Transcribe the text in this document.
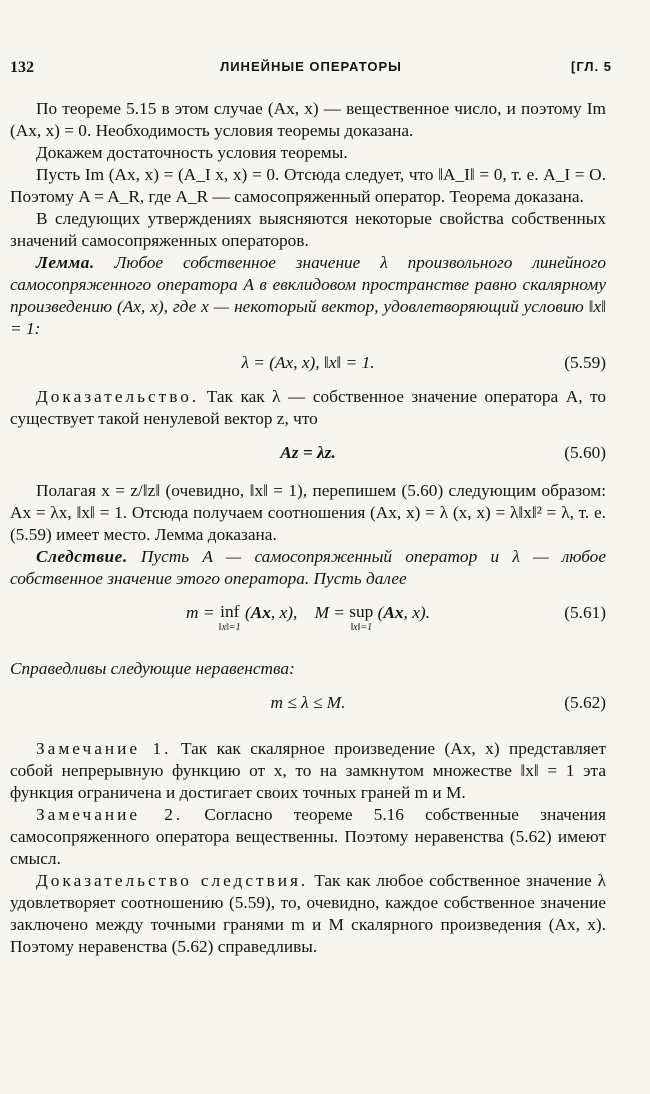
132	ЛИНЕЙНЫЕ ОПЕРАТОРЫ	[ГЛ. 5

По теореме 5.15 в этом случае (Ax, x) — вещественное число, и поэтому Im (Ax, x) = 0. Необходимость условия теоремы доказана.

Докажем достаточность условия теоремы.

Пусть Im (Ax, x) = (A_I x, x) = 0. Отсюда следует, что ‖A_I‖ = 0, т. е. A_I = O. Поэтому A = A_R, где A_R — самосопряженный оператор. Теорема доказана.

В следующих утверждениях выясняются некоторые свойства собственных значений самосопряженных операторов.

Лемма. Любое собственное значение λ произвольного линейного самосопряженного оператора A в евклидовом пространстве равно скалярному произведению (Ax, x), где x — некоторый вектор, удовлетворяющий условию ‖x‖ = 1:

λ = (Ax, x), ‖x‖ = 1.	(5.59)

Доказательство. Так как λ — собственное значение оператора A, то существует такой ненулевой вектор z, что

Az = λz.	(5.60)

Полагая x = z/‖z‖ (очевидно, ‖x‖ = 1), перепишем (5.60) следующим образом: Ax = λx, ‖x‖ = 1. Отсюда получаем соотношения (Ax, x) = λ (x, x) = λ‖x‖² = λ, т. е. (5.59) имеет место. Лемма доказана.

Следствие. Пусть A — самосопряженный оператор и λ — любое собственное значение этого оператора. Пусть далее

m = inf
‖x‖=1
(Ax, x),    M = sup
‖x‖=1
(Ax, x).	(5.61)

Справедливы следующие неравенства:

m ≤ λ ≤ M.	(5.62)

Замечание 1. Так как скалярное произведение (Ax, x) представляет собой непрерывную функцию от x, то на замкнутом множестве ‖x‖ = 1 эта функция ограничена и достигает своих точных граней m и M.

Замечание 2. Согласно теореме 5.16 собственные значения самосопряженного оператора вещественны. Поэтому неравенства (5.62) имеют смысл.

Доказательство следствия. Так как любое собственное значение λ удовлетворяет соотношению (5.59), то, очевидно, каждое собственное значение заключено между точными гранями m и M скалярного произведения (Ax, x). Поэтому неравенства (5.62) справедливы.
